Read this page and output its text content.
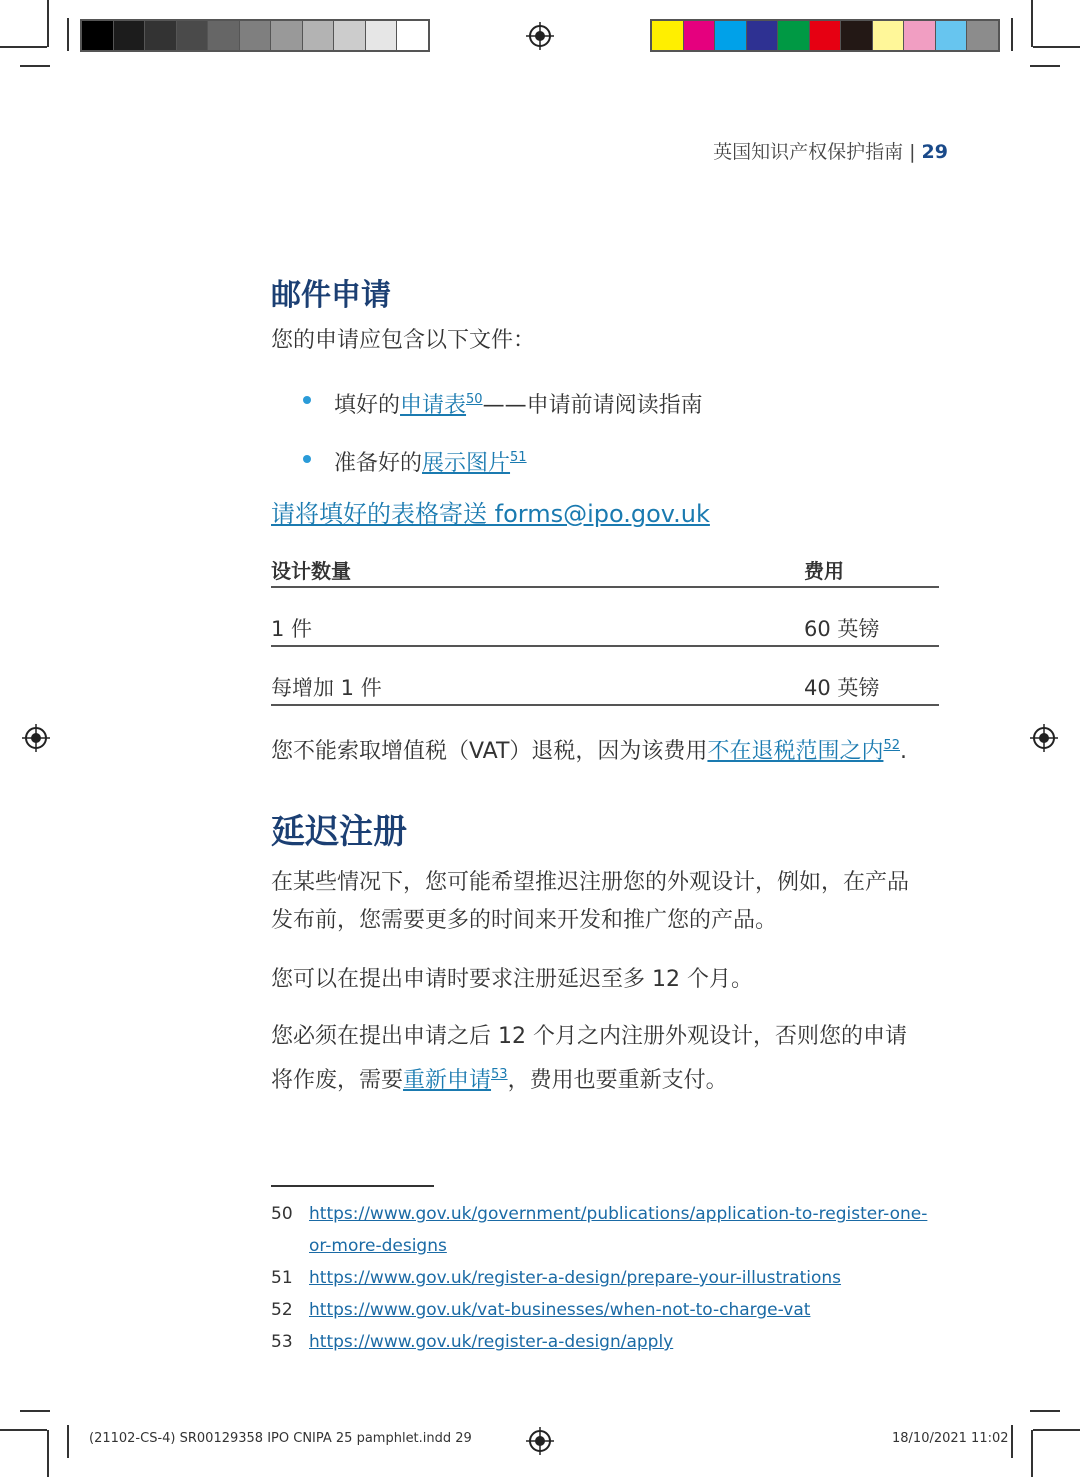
英国知识产权保护指南 | 29
邮件申请
您的申请应包含以下文件：
填好的申请表$^{50}$——申请前请阅读指南
准备好的展示图片$^{51}$
请将填好的表格寄送 forms@ipo.gov.uk
设计数量	费用
1 件	60 英镑
每增加 1 件	40 英镑
您不能索取增值税（VAT）退税，因为该费用不在退税范围之内$^{52}$.
延迟注册
在某些情况下，您可能希望推迟注册您的外观设计，例如，在产品
发布前，您需要更多的时间来开发和推广您的产品。
您可以在提出申请时要求注册延迟至多 12 个月。
您必须在提出申请之后 12 个月之内注册外观设计，否则您的申请
将作废，需要重新申请$^{53}$，费用也要重新支付。
50 https://www.gov.uk/government/publications/application-to-register-one-
or-more-designs
51 https://www.gov.uk/register-a-design/prepare-your-illustrations
52 https://www.gov.uk/vat-businesses/when-not-to-charge-vat
53 https://www.gov.uk/register-a-design/apply
(21102-CS-4) SR00129358 IPO CNIPA 25 pamphlet.indd 29	18/10/2021 11:02
